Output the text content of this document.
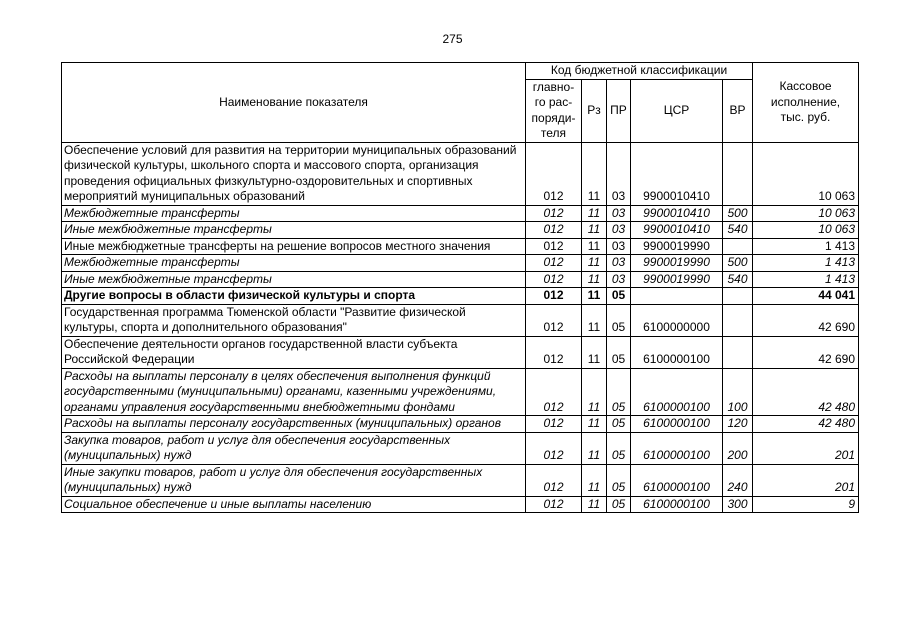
275
Наименование показателя	Код бюджетной классификации					Кассовое исполнение, тыс. руб.

	главно-го рас-поряди-теля	Рз	ПР	ЦСР	ВР	
Обеспечение условий для развития на территории муниципальных образований физической культуры, школьного спорта и массового спорта, организация проведения официальных физкультурно-оздоровительных и спортивных мероприятий муниципальных образований	012	11	03	9900010410		10 063
Межбюджетные трансферты	012	11	03	9900010410	500	10 063
Иные межбюджетные трансферты	012	11	03	9900010410	540	10 063
Иные межбюджетные трансферты на решение вопросов местного значения	012	11	03	9900019990		1 413
Межбюджетные трансферты	012	11	03	9900019990	500	1 413
Иные межбюджетные трансферты	012	11	03	9900019990	540	1 413
Другие вопросы в области физической культуры и спорта	012	11	05			44 041
Государственная программа Тюменской области "Развитие физической культуры, спорта и дополнительного образования"	012	11	05	6100000000		42 690
Обеспечение деятельности органов государственной власти субъекта Российской Федерации	012	11	05	6100000100		42 690
Расходы на выплаты персоналу в целях обеспечения выполнения функций государственными (муниципальными) органами, казенными учреждениями, органами управления государственными внебюджетными фондами	012	11	05	6100000100	100	42 480
Расходы на выплаты персоналу государственных (муниципальных) органов	012	11	05	6100000100	120	42 480
Закупка товаров, работ и услуг для обеспечения государственных (муниципальных) нужд	012	11	05	6100000100	200	201
Иные закупки товаров, работ и услуг для обеспечения государственных (муниципальных) нужд	012	11	05	6100000100	240	201
Социальное обеспечение и иные выплаты населению	012	11	05	6100000100	300	9
